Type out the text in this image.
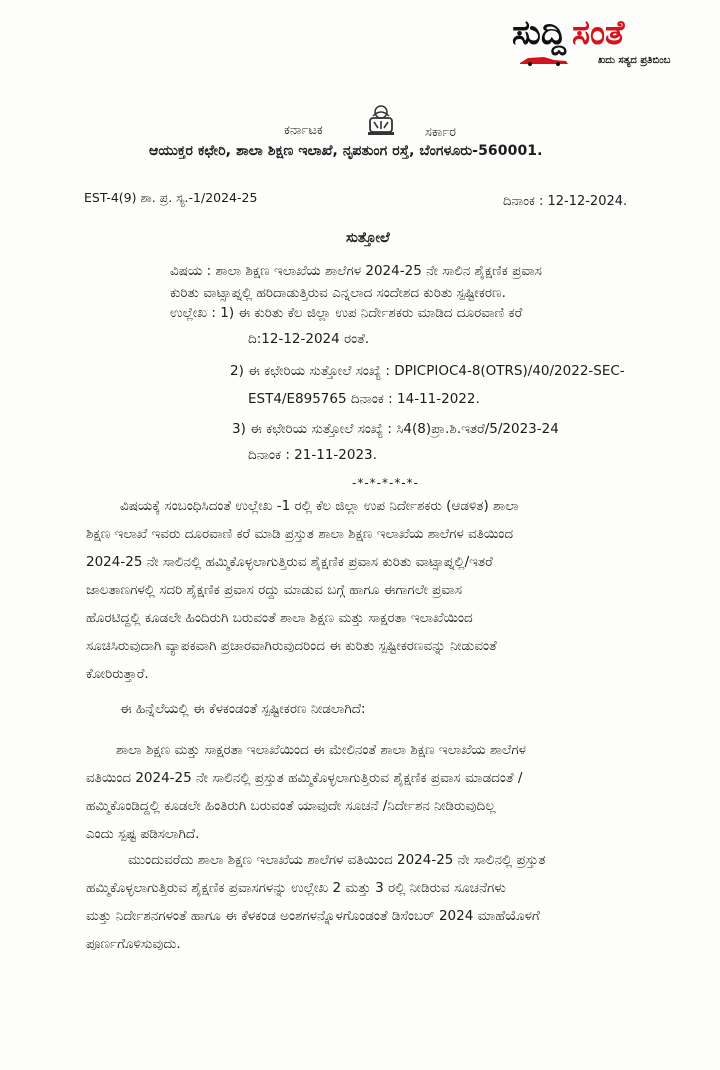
ಸುದ್ದಿ ಸಂತೆ
ಖದು ಸತ್ಯದ ಪ್ರತಿಬಿಂಬ
ಕರ್ನಾಟಕ	ಸರ್ಕಾರ
ಆಯುಕ್ತರ ಕಛೇರಿ, ಶಾಲಾ ಶಿಕ್ಷಣ ಇಲಾಖೆ, ನೃಪತುಂಗ ರಸ್ತೆ, ಬೆಂಗಳೂರು-560001.
EST-4(9) ಶಾ. ಪ್ರ. ಸ್ಯ.-1/2024-25	ದಿನಾಂಕ : 12-12-2024.
ಸುತ್ತೋಲೆ
ವಿಷಯ : ಶಾಲಾ ಶಿಕ್ಷಣ ಇಲಾಖೆಯ ಶಾಲೆಗಳ 2024-25 ನೇ ಸಾಲಿನ ಶೈಕ್ಷಣಿಕ ಪ್ರವಾಸ
ಕುರಿತು ವಾಟ್ಸಾಪ್ನಲ್ಲಿ ಹರಿದಾಡುತ್ತಿರುವ ಎನ್ನಲಾದ ಸಂದೇಶದ ಕುರಿತು ಸ್ಪಷ್ಟೀಕರಣ.
ಉಲ್ಲೇಖ : 1) ಈ ಕುರಿತು ಕೆಲ ಜಿಲ್ಲಾ ಉಪ ನಿರ್ದೇಶಕರು ಮಾಡಿದ ದೂರವಾಣಿ ಕರೆ
ದಿ:12-12-2024 ರಂತೆ.
2) ಈ ಕಛೇರಿಯ ಸುತ್ತೋಲೆ ಸಂಖ್ಯೆ : DPICPIOC4-8(OTRS)/40/2022-SEC-
EST4/E895765 ದಿನಾಂಕ : 14-11-2022.
3) ಈ ಕಛೇರಿಯ ಸುತ್ತೋಲೆ ಸಂಖ್ಯೆ : ಸಿ4(8)ಪ್ರಾ.ಶಿ.ಇತರೆ/5/2023-24
ದಿನಾಂಕ : 21-11-2023.
-*-*-*-*-*-
ವಿಷಯಕ್ಕೆ ಸಂಬಂಧಿಸಿದಂತೆ ಉಲ್ಲೇಖ -1 ರಲ್ಲಿ ಕೆಲ ಜಿಲ್ಲಾ ಉಪ ನಿರ್ದೇಶಕರು (ಆಡಳಿತ) ಶಾಲಾ
ಶಿಕ್ಷಣ ಇಲಾಖೆ ಇವರು ದೂರವಾಣಿ ಕರೆ ಮಾಡಿ ಪ್ರಸ್ತುತ ಶಾಲಾ ಶಿಕ್ಷಣ ಇಲಾಖೆಯ ಶಾಲೆಗಳ ವತಿಯಿಂದ
2024-25 ನೇ ಸಾಲಿನಲ್ಲಿ ಹಮ್ಮಿಕೊಳ್ಳಲಾಗುತ್ತಿರುವ ಶೈಕ್ಷಣಿಕ ಪ್ರವಾಸ ಕುರಿತು ವಾಟ್ಸಾಪ್ನಲ್ಲಿ/ಇತರೆ
ಜಾಲತಾಣಗಳಲ್ಲಿ ಸದರಿ ಶೈಕ್ಷಣಿಕ ಪ್ರವಾಸ ರದ್ದು ಮಾಡುವ ಬಗ್ಗೆ ಹಾಗೂ ಈಗಾಗಲೇ ಪ್ರವಾಸ
ಹೊರಟಿದ್ದಲ್ಲಿ ಕೂಡಲೇ ಹಿಂದಿರುಗಿ ಬರುವಂತೆ ಶಾಲಾ ಶಿಕ್ಷಣ ಮತ್ತು ಸಾಕ್ಷರತಾ ಇಲಾಖೆಯಿಂದ
ಸೂಚಿಸಿರುವುದಾಗಿ ವ್ಯಾಪಕವಾಗಿ ಪ್ರಚಾರವಾಗಿರುವುದರಿಂದ ಈ ಕುರಿತು ಸ್ಪಷ್ಟೀಕರಣವನ್ನು ನೀಡುವಂತೆ
ಕೋರಿರುತ್ತಾರೆ.
ಈ ಹಿನ್ನೆಲೆಯಲ್ಲಿ ಈ ಕೆಳಕಂಡಂತೆ ಸ್ಪಷ್ಟೀಕರಣ ನೀಡಲಾಗಿದೆ:
ಶಾಲಾ ಶಿಕ್ಷಣ ಮತ್ತು ಸಾಕ್ಷರತಾ ಇಲಾಖೆಯಿಂದ ಈ ಮೇಲಿನಂತೆ ಶಾಲಾ ಶಿಕ್ಷಣ ಇಲಾಖೆಯ ಶಾಲೆಗಳ
ವತಿಯಿಂದ 2024-25 ನೇ ಸಾಲಿನಲ್ಲಿ ಪ್ರಸ್ತುತ ಹಮ್ಮಿಕೊಳ್ಳಲಾಗುತ್ತಿರುವ ಶೈಕ್ಷಣಿಕ ಪ್ರವಾಸ ಮಾಡದಂತೆ /
ಹಮ್ಮಿಕೊಂಡಿದ್ದಲ್ಲಿ ಕೂಡಲೇ ಹಿಂತಿರುಗಿ ಬರುವಂತೆ ಯಾವುದೇ ಸೂಚನೆ /ನಿರ್ದೇಶನ ನೀಡಿರುವುದಿಲ್ಲ
ಎಂದು ಸ್ಪಷ್ಟ ಪಡಿಸಲಾಗಿದೆ.
ಮುಂದುವರೆದು ಶಾಲಾ ಶಿಕ್ಷಣ ಇಲಾಖೆಯ ಶಾಲೆಗಳ ವತಿಯಿಂದ 2024-25 ನೇ ಸಾಲಿನಲ್ಲಿ ಪ್ರಸ್ತುತ
ಹಮ್ಮಿಕೊಳ್ಳಲಾಗುತ್ತಿರುವ ಶೈಕ್ಷಣಿಕ ಪ್ರವಾಸಗಳನ್ನು ಉಲ್ಲೇಖ 2 ಮತ್ತು 3 ರಲ್ಲಿ ನೀಡಿರುವ ಸೂಚನೆಗಳು
ಮತ್ತು ನಿರ್ದೇಶನಗಳಂತೆ ಹಾಗೂ ಈ ಕೆಳಕಂಡ ಅಂಶಗಳನ್ನೊಳಗೊಂಡಂತೆ ಡಿಸೆಂಬರ್ 2024 ಮಾಹೆಯೊಳಗೆ
ಪೂರ್ಣಗೊಳಿಸುವುದು.
